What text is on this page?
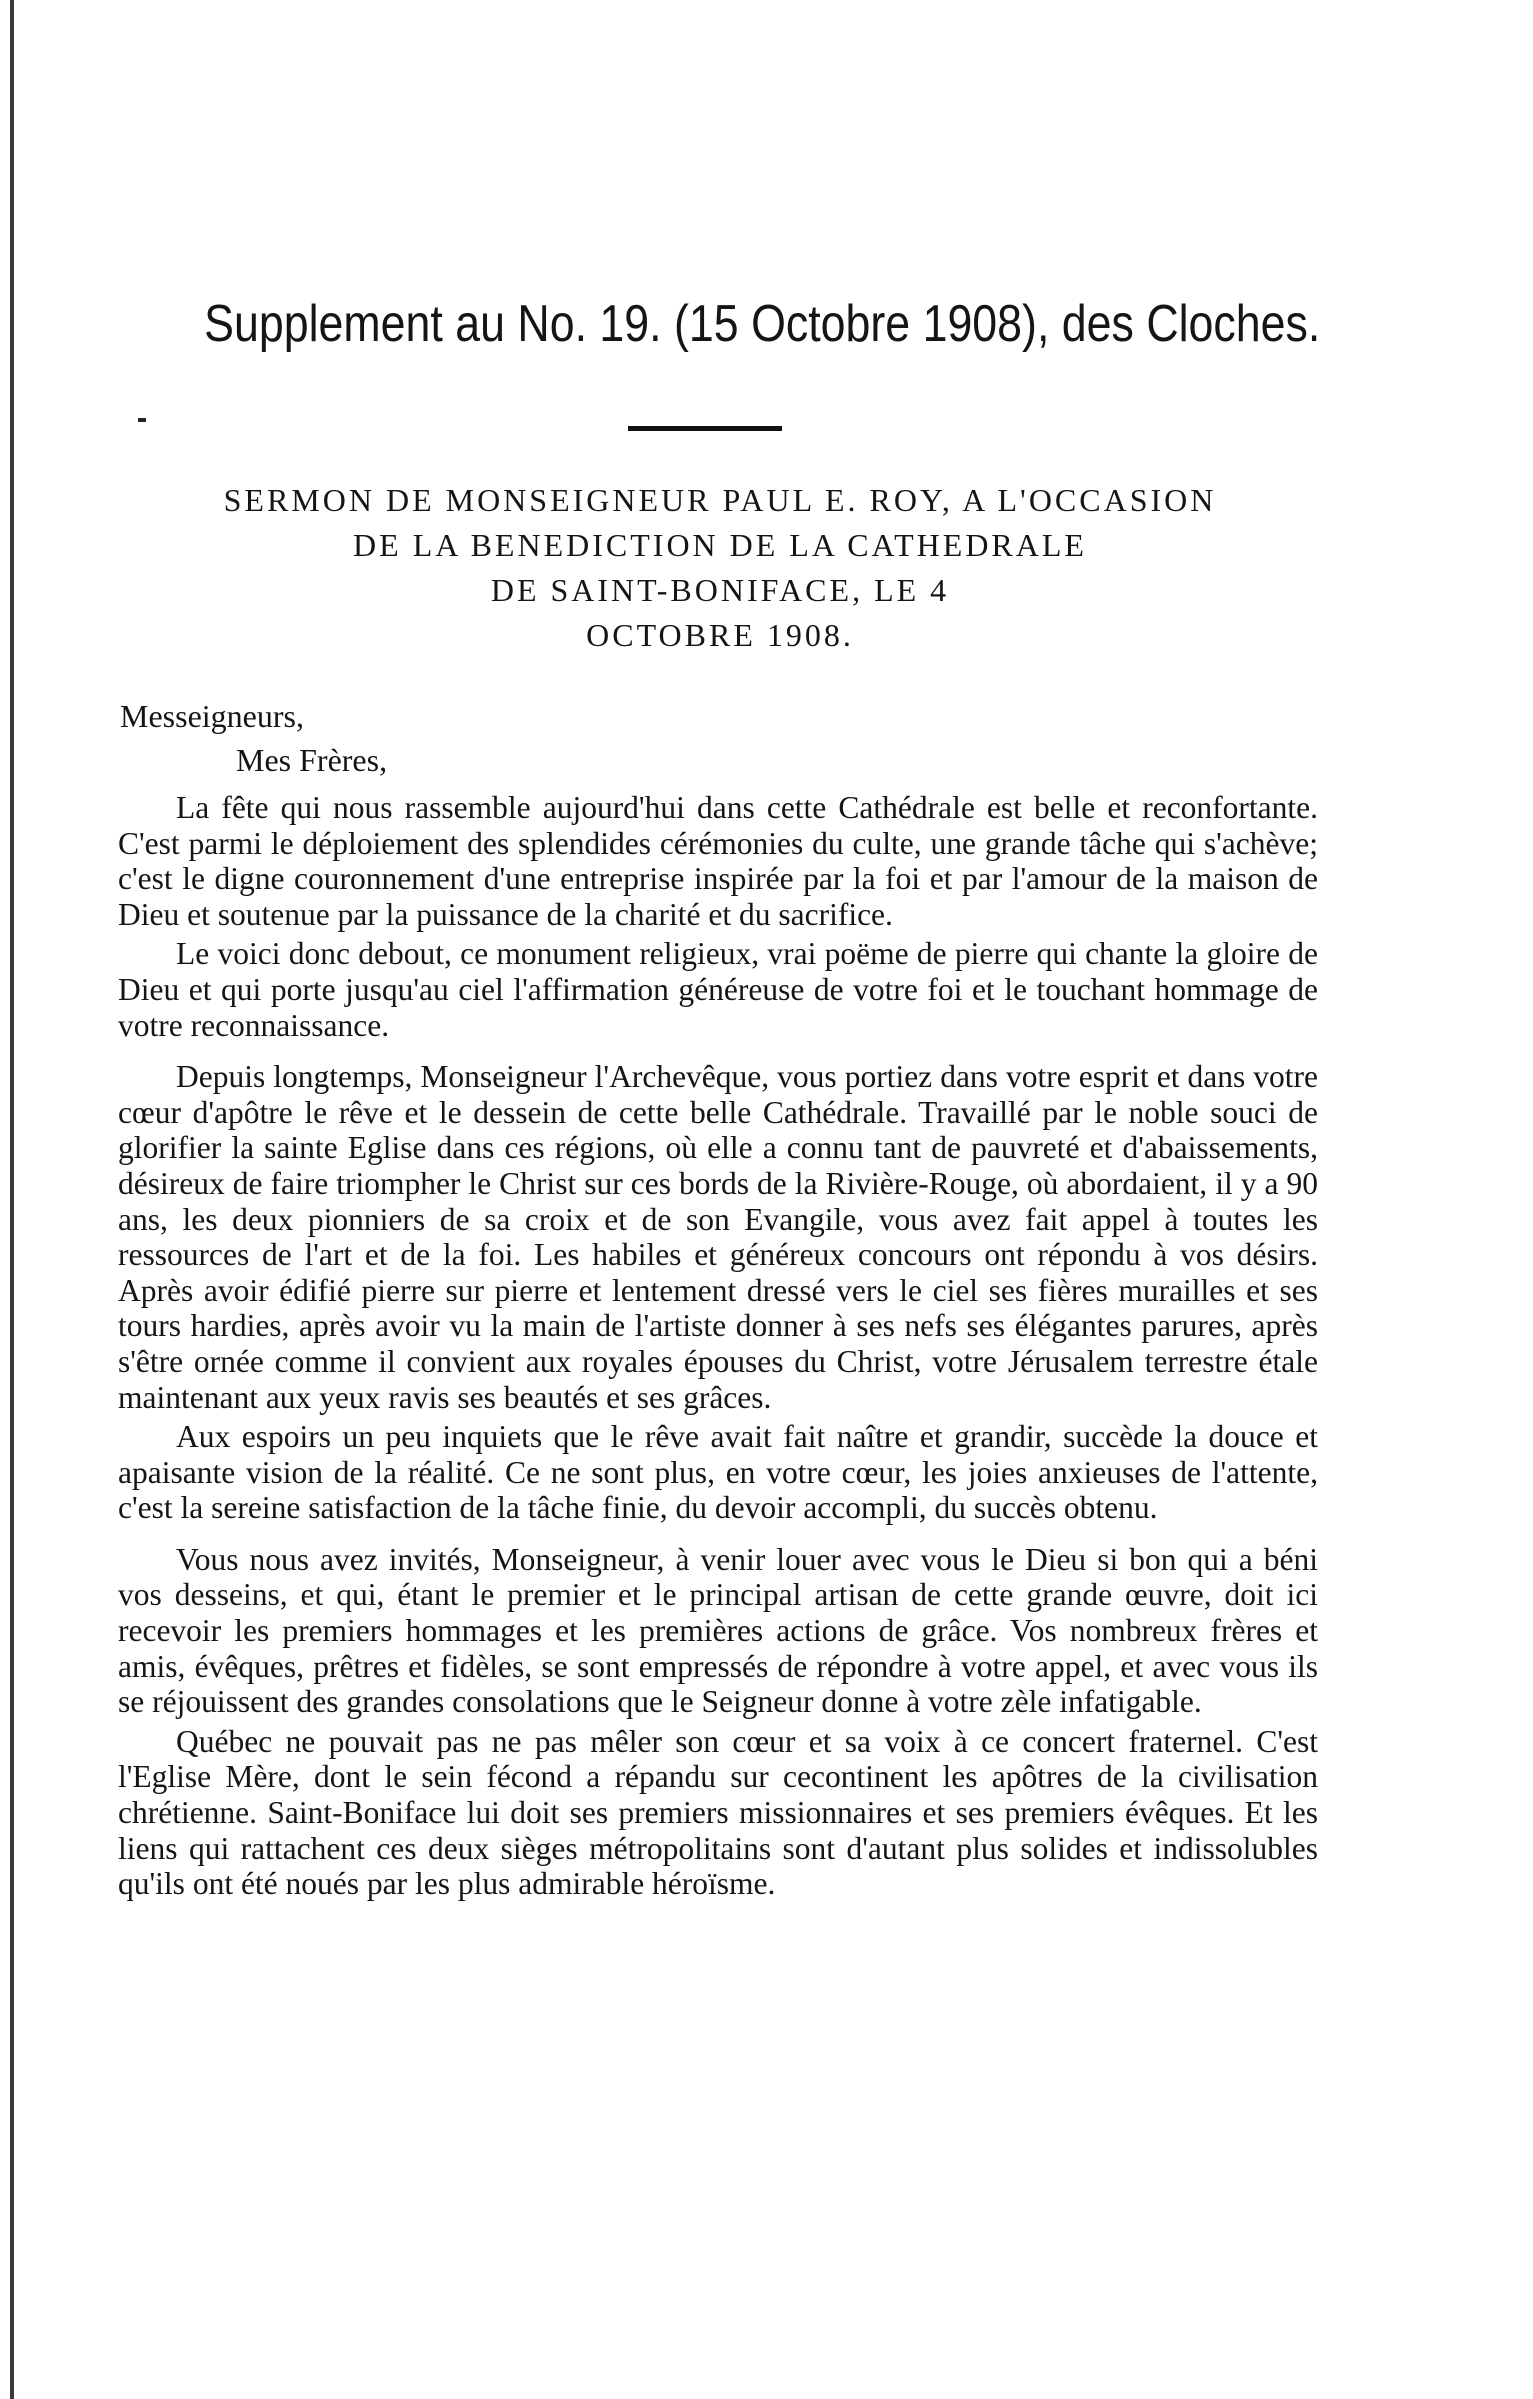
Supplement au No. 19. (15 Octobre 1908), des Cloches.
SERMON DE MONSEIGNEUR PAUL E. ROY, A L'OCCASION
DE LA BENEDICTION DE LA CATHEDRALE
DE SAINT-BONIFACE, LE 4
OCTOBRE 1908.

Messeigneurs,

Mes Frères,

La fête qui nous rassemble aujourd'hui dans cette Cathédrale est belle et reconfortante. C'est parmi le déploiement des splendides cérémonies du culte, une grande tâche qui s'achève; c'est le digne couronnement d'une entreprise inspirée par la foi et par l'amour de la maison de Dieu et soutenue par la puissance de la charité et du sacrifice.

Le voici donc debout, ce monument religieux, vrai poëme de pierre qui chante la gloire de Dieu et qui porte jusqu'au ciel l'affirmation généreuse de votre foi et le touchant hommage de votre reconnaissance.

Depuis longtemps, Monseigneur l'Archevêque, vous portiez dans votre esprit et dans votre cœur d'apôtre le rêve et le dessein de cette belle Cathédrale. Travaillé par le noble souci de glorifier la sainte Eglise dans ces régions, où elle a connu tant de pauvreté et d'abaissements, désireux de faire triompher le Christ sur ces bords de la Rivière-Rouge, où abordaient, il y a 90 ans, les deux pionniers de sa croix et de son Evangile, vous avez fait appel à toutes les ressources de l'art et de la foi. Les habiles et généreux concours ont répondu à vos désirs. Après avoir édifié pierre sur pierre et lentement dressé vers le ciel ses fières murailles et ses tours hardies, après avoir vu la main de l'artiste donner à ses nefs ses élégantes parures, après s'être ornée comme il convient aux royales épouses du Christ, votre Jérusalem terrestre étale maintenant aux yeux ravis ses beautés et ses grâces.

Aux espoirs un peu inquiets que le rêve avait fait naître et grandir, succède la douce et apaisante vision de la réalité. Ce ne sont plus, en votre cœur, les joies anxieuses de l'attente, c'est la sereine satisfaction de la tâche finie, du devoir accompli, du succès obtenu.

Vous nous avez invités, Monseigneur, à venir louer avec vous le Dieu si bon qui a béni vos desseins, et qui, étant le premier et le principal artisan de cette grande œuvre, doit ici recevoir les premiers hommages et les premières actions de grâce. Vos nombreux frères et amis, évêques, prêtres et fidèles, se sont empressés de répondre à votre appel, et avec vous ils se réjouissent des grandes consolations que le Seigneur donne à votre zèle infatigable.

Québec ne pouvait pas ne pas mêler son cœur et sa voix à ce concert fraternel. C'est l'Eglise Mère, dont le sein fécond a répandu sur cecontinent les apôtres de la civilisation chrétienne. Saint-Boniface lui doit ses premiers missionnaires et ses premiers évêques. Et les liens qui rattachent ces deux sièges métropolitains sont d'autant plus solides et indissolubles qu'ils ont été noués par les plus admirable héroïsme.
